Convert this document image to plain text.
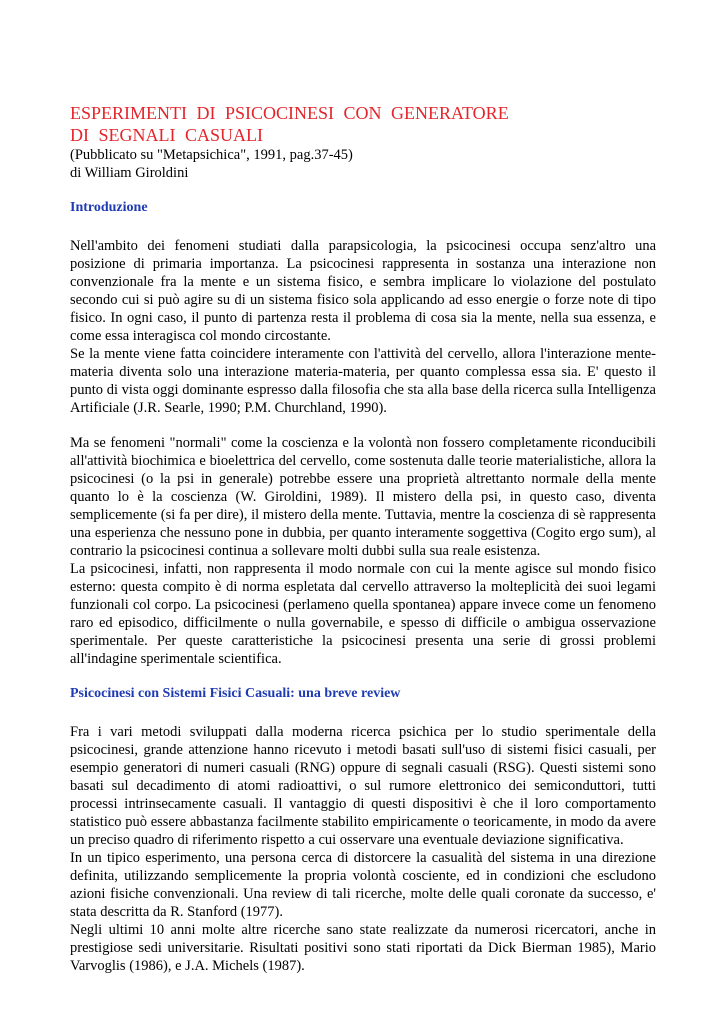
ESPERIMENTI DI PSICOCINESI CON GENERATORE
DI SEGNALI CASUALI
(Pubblicato su "Metapsichica", 1991, pag.37-45)
di William Giroldini
Introduzione

Nell'ambito dei fenomeni studiati dalla parapsicologia, la psicocinesi occupa senz'altro una posizione di primaria importanza. La psicocinesi rappresenta in sostanza una interazione non convenzionale fra la mente e un sistema fisico, e sembra implicare lo violazione del postulato secondo cui si può agire su di un sistema fisico sola applicando ad esso energie o forze note di tipo fisico. In ogni caso, il punto di partenza resta il problema di cosa sia la mente, nella sua essenza, e come essa interagisca col mondo circostante.

Se la mente viene fatta coincidere interamente con l'attività del cervello, allora l'interazione mente-materia diventa solo una interazione materia-materia, per quanto complessa essa sia. E' questo il punto di vista oggi dominante espresso dalla filosofia che sta alla base della ricerca sulla Intelligenza Artificiale (J.R. Searle, 1990; P.M. Churchland, 1990).

Ma se fenomeni "normali" come la coscienza e la volontà non fossero completamente riconducibili all'attività biochimica e bioelettrica del cervello, come sostenuta dalle teorie materialistiche, allora la psicocinesi (o la psi in generale) potrebbe essere una proprietà altrettanto normale della mente quanto lo è la coscienza (W. Giroldini, 1989). Il mistero della psi, in questo caso, diventa semplicemente (si fa per dire), il mistero della mente. Tuttavia, mentre la coscienza di sè rappresenta una esperienza che nessuno pone in dubbia, per quanto interamente soggettiva (Cogito ergo sum), al contrario la psicocinesi continua a sollevare molti dubbi sulla sua reale esistenza.

La psicocinesi, infatti, non rappresenta il modo normale con cui la mente agisce sul mondo fisico esterno: questa compito è di norma espletata dal cervello attraverso la molteplicità dei suoi legami funzionali col corpo. La psicocinesi (perlameno quella spontanea) appare invece come un fenomeno raro ed episodico, difficilmente o nulla governabile, e spesso di difficile o ambigua osservazione sperimentale. Per queste caratteristiche la psicocinesi presenta una serie di grossi problemi all'indagine sperimentale scientifica.

Psicocinesi con Sistemi Fisici Casuali: una breve review

Fra i vari metodi sviluppati dalla moderna ricerca psichica per lo studio sperimentale della psicocinesi, grande attenzione hanno ricevuto i metodi basati sull'uso di sistemi fisici casuali, per esempio generatori di numeri casuali (RNG) oppure di segnali casuali (RSG). Questi sistemi sono basati sul decadimento di atomi radioattivi, o sul rumore elettronico dei semiconduttori, tutti processi intrinsecamente casuali. Il vantaggio di questi dispositivi è che il loro comportamento statistico può essere abbastanza facilmente stabilito empiricamente o teoricamente, in modo da avere un preciso quadro di riferimento rispetto a cui osservare una eventuale deviazione significativa.

In un tipico esperimento, una persona cerca di distorcere la casualità del sistema in una direzione definita, utilizzando semplicemente la propria volontà cosciente, ed in condizioni che escludono azioni fisiche convenzionali. Una review di tali ricerche, molte delle quali coronate da successo, e' stata descritta da R. Stanford (1977).

Negli ultimi 10 anni molte altre ricerche sano state realizzate da numerosi ricercatori, anche in prestigiose sedi universitarie. Risultati positivi sono stati riportati da Dick Bierman 1985), Mario Varvoglis (1986), e J.A. Michels (1987).
